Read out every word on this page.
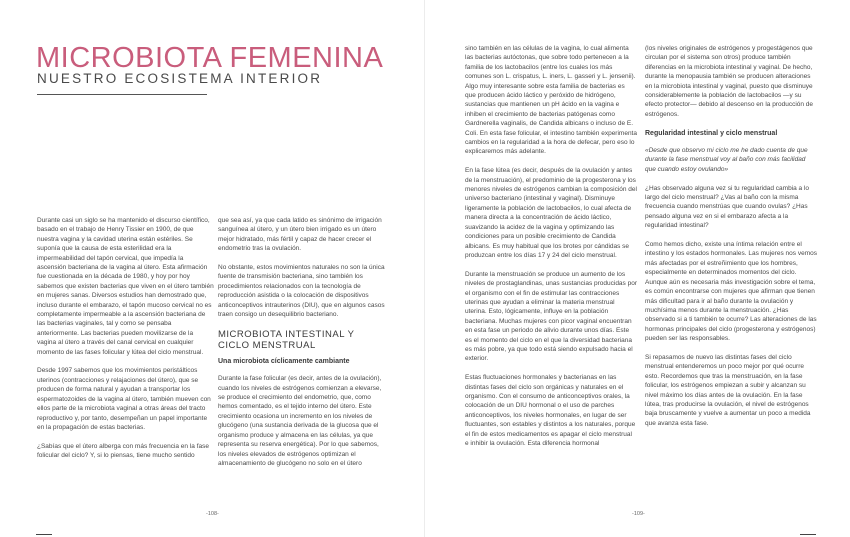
MICROBIOTA FEMENINA
NUESTRO ECOSISTEMA INTERIOR

Durante casi un siglo se ha mantenido el discurso científico, basado en el trabajo de Henry Tissier en 1900, de que nuestra vagina y la cavidad uterina están estériles. Se suponía que la causa de esta esterilidad era la impermeabilidad del tapón cervical, que impedía la ascensión bacteriana de la vagina al útero. Esta afirmación fue cuestionada en la década de 1980, y hoy por hoy sabemos que existen bacterias que viven en el útero también en mujeres sanas. Diversos estudios han demostrado que, incluso durante el embarazo, el tapón mucoso cervical no es completamente impermeable a la ascensión bacteriana de las bacterias vaginales, tal y como se pensaba anteriormente. Las bacterias pueden movilizarse de la vagina al útero a través del canal cervical en cualquier momento de las fases folicular y lútea del ciclo menstrual.

Desde 1997 sabemos que los movimientos peristálticos uterinos (contracciones y relajaciones del útero), que se producen de forma natural y ayudan a transportar los espermatozoides de la vagina al útero, también mueven con ellos parte de la microbiota vaginal a otras áreas del tracto reproductivo y, por tanto, desempeñan un papel importante en la propagación de estas bacterias.

¿Sabías que el útero alberga con más frecuencia en la fase folicular del ciclo? Y, si lo piensas, tiene mucho sentido

que sea así, ya que cada latido es sinónimo de irrigación sanguínea al útero, y un útero bien irrigado es un útero mejor hidratado, más fértil y capaz de hacer crecer el endometrio tras la ovulación.

No obstante, estos movimientos naturales no son la única fuente de transmisión bacteriana, sino también los procedimientos relacionados con la tecnología de reproducción asistida o la colocación de dispositivos anticonceptivos intrauterinos (DIU), que en algunos casos traen consigo un desequilibrio bacteriano.

MICROBIOTA INTESTINAL Y CICLO MENSTRUAL
Una microbiota cíclicamente cambiante

Durante la fase folicular (es decir, antes de la ovulación), cuando los niveles de estrógenos comienzan a elevarse, se produce el crecimiento del endometrio, que, como hemos comentado, es el tejido interno del útero. Este crecimiento ocasiona un incremento en los niveles de glucógeno (una sustancia derivada de la glucosa que el organismo produce y almacena en las células, ya que representa su reserva energética). Por lo que sabemos, los niveles elevados de estrógenos optimizan el almacenamiento de glucógeno no solo en el útero

-108-

sino también en las células de la vagina, lo cual alimenta las bacterias autóctonas, que sobre todo pertenecen a la familia de los lactobacilos (entre los cuales los más comunes son L. crispatus, L. iners, L. gasseri y L. jensenii). Algo muy interesante sobre esta familia de bacterias es que producen ácido láctico y peróxido de hidrógeno, sustancias que mantienen un pH ácido en la vagina e inhiben el crecimiento de bacterias patógenas como Gardnerella vaginalis, de Candida albicans o incluso de E. Coli. En esta fase folicular, el intestino también experimenta cambios en la regularidad a la hora de defecar, pero eso lo explicaremos más adelante.

En la fase lútea (es decir, después de la ovulación y antes de la menstruación), el predominio de la progesterona y los menores niveles de estrógenos cambian la composición del universo bacteriano (intestinal y vaginal). Disminuye ligeramente la población de lactobacilos, lo cual afecta de manera directa a la concentración de ácido láctico, suavizando la acidez de la vagina y optimizando las condiciones para un posible crecimiento de Candida albicans. Es muy habitual que los brotes por cándidas se produzcan entre los días 17 y 24 del ciclo menstrual.

Durante la menstruación se produce un aumento de los niveles de prostaglandinas, unas sustancias producidas por el organismo con el fin de estimular las contracciones uterinas que ayudan a eliminar la materia menstrual uterina. Esto, lógicamente, influye en la población bacteriana. Muchas mujeres con picor vaginal encuentran en esta fase un periodo de alivio durante unos días. Este es el momento del ciclo en el que la diversidad bacteriana es más pobre, ya que todo está siendo expulsado hacia el exterior.

Estas fluctuaciones hormonales y bacterianas en las distintas fases del ciclo son orgánicas y naturales en el organismo. Con el consumo de anticonceptivos orales, la colocación de un DIU hormonal o el uso de parches anticonceptivos, los niveles hormonales, en lugar de ser fluctuantes, son estables y distintos a los naturales, porque el fin de estos medicamentos es apagar el ciclo menstrual e inhibir la ovulación. Esta diferencia hormonal

(los niveles originales de estrógenos y progestágenos que circulan por el sistema son otros) produce también diferencias en la microbiota intestinal y vaginal. De hecho, durante la menopausia también se producen alteraciones en la microbiota intestinal y vaginal, puesto que disminuye considerablemente la población de lactobacilos —y su efecto protector— debido al descenso en la producción de estrógenos.

Regularidad intestinal y ciclo menstrual

«Desde que observo mi ciclo me he dado cuenta de que durante la fase menstrual voy al baño con más facilidad que cuando estoy ovulando»

¿Has observado alguna vez si tu regularidad cambia a lo largo del ciclo menstrual? ¿Vas al baño con la misma frecuencia cuando menstrúas que cuando ovulas? ¿Has pensado alguna vez en si el embarazo afecta a la regularidad intestinal?

Como hemos dicho, existe una íntima relación entre el intestino y los estados hormonales. Las mujeres nos vemos más afectadas por el estreñimiento que los hombres, especialmente en determinados momentos del ciclo. Aunque aún es necesaria más investigación sobre el tema, es común encontrarse con mujeres que afirman que tienen más dificultad para ir al baño durante la ovulación y muchísima menos durante la menstruación. ¿Has observado si a ti también te ocurre? Las alteraciones de las hormonas principales del ciclo (progesterona y estrógenos) pueden ser las responsables.

Si repasamos de nuevo las distintas fases del ciclo menstrual entenderemos un poco mejor por qué ocurre esto. Recordemos que tras la menstruación, en la fase folicular, los estrógenos empiezan a subir y alcanzan su nivel máximo los días antes de la ovulación. En la fase lútea, tras producirse la ovulación, el nivel de estrógenos baja bruscamente y vuelve a aumentar un poco a medida que avanza esta fase.

-109-
